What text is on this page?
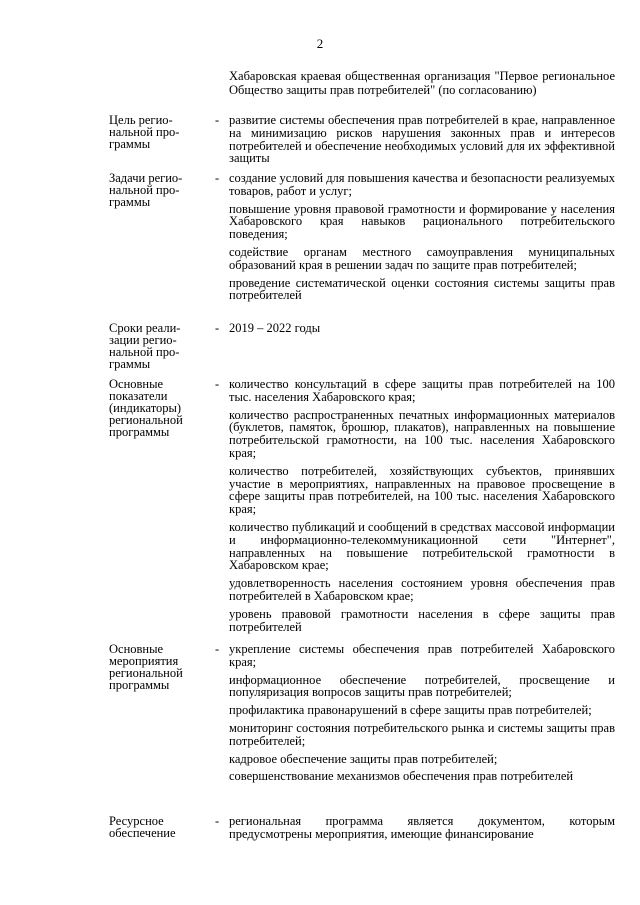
2
Хабаровская краевая общественная организация "Первое региональное Общество защиты прав потребителей" (по согласованию)
Цель регио- нальной про- граммы
- развитие системы обеспечения прав потребителей в крае, направленное на минимизацию рисков нарушения законных прав и интересов потребителей и обеспечение необходимых условий для их эффективной защиты

Задачи регио- нальной про- граммы
- создание условий для повышения качества и безопасности реализуемых товаров, работ и услуг;

повышение уровня правовой грамотности и формирование у населения Хабаровского края навыков рационального потребительского поведения;

содействие органам местного самоуправления муниципальных образований края в решении задач по защите прав потребителей;

проведение систематической оценки состояния системы защиты прав потребителей

Сроки реали- зации регио- нальной про- граммы
- 2019 – 2022 годы

Основные показатели (индикаторы) региональной программы
- количество консультаций в сфере защиты прав потребителей на 100 тыс. населения Хабаровского края;

количество распространенных печатных информационных материалов (буклетов, памяток, брошюр, плакатов), направленных на повышение потребительской грамотности, на 100 тыс. населения Хабаровского края;

количество потребителей, хозяйствующих субъектов, принявших участие в мероприятиях, направленных на правовое просвещение в сфере защиты прав потребителей, на 100 тыс. населения Хабаровского края;

количество публикаций и сообщений в средствах массовой информации и информационно-телекоммуникационной сети "Интернет", направленных на повышение потребительской грамотности в Хабаровском крае;

удовлетворенность населения состоянием уровня обеспечения прав потребителей в Хабаровском крае;

уровень правовой грамотности населения в сфере защиты прав потребителей

Основные мероприятия региональной программы
- укрепление системы обеспечения прав потребителей Хабаровского края;

информационное обеспечение потребителей, просвещение и популяризация вопросов защиты прав потребителей;

профилактика правонарушений в сфере защиты прав потребителей;

мониторинг состояния потребительского рынка и системы защиты прав потребителей;

кадровое обеспечение защиты прав потребителей;

совершенствование механизмов обеспечения прав потребителей

Ресурсное обеспечение
- региональная программа является документом, которым предусмотрены мероприятия, имеющие финансирование
